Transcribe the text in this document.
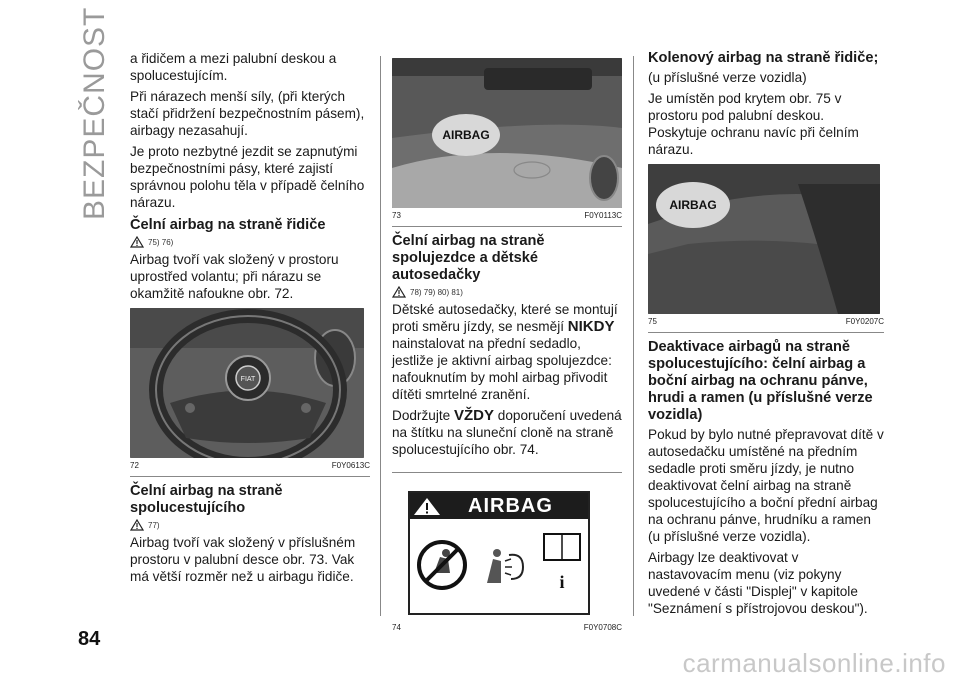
BEZPEČNOST a řidičem a mezi palubní deskou a spolucestujícím.

Při nárazech menší síly, (při kterých stačí přidržení bezpečnostním pásem), airbagy nezasahují.

Je proto nezbytné jezdit se zapnutými bezpečnostními pásy, které zajistí správnou polohu těla v případě čelního nárazu.

Čelní airbag na straně řidiče
75) 76)

Airbag tvoří vak složený v prostoru uprostřed volantu; při nárazu se okamžitě nafoukne obr. 72.

FIAT
72	F0Y0613C
Čelní airbag na straně spolucestujícího
77)

Airbag tvoří vak složený v příslušném prostoru v palubní desce obr. 73. Vak má větší rozměr než u airbagu řidiče.

AIRBAG
73	F0Y0113C
Čelní airbag na straně spolujezdce a dětské autosedačky
78) 79) 80) 81)

Dětské autosedačky, které se montují proti směru jízdy, se nesmějí NIKDY nainstalovat na přední sedadlo, jestliže je aktivní airbag spolujezdce: nafouknutím by mohl airbag přivodit dítěti smrtelné zranění.

Dodržujte VŽDY doporučení uvedená na štítku na sluneční cloně na straně spolucestujícího obr. 74.

AIRBAG
i
74	F0Y0708C
Kolenový airbag na straně řidiče;

(u příslušné verze vozidla)

Je umístěn pod krytem obr. 75 v prostoru pod palubní deskou. Poskytuje ochranu navíc při čelním nárazu.

AIRBAG
75	F0Y0207C
Deaktivace airbagů na straně spolucestujícího: čelní airbag a boční airbag na ochranu pánve, hrudi a ramen (u příslušné verze vozidla)

Pokud by bylo nutné přepravovat dítě v autosedačku umístěné na předním sedadle proti směru jízdy, je nutno deaktivovat čelní airbag na straně spolucestujícího a boční přední airbag na ochranu pánve, hrudníku a ramen (u příslušné verze vozidla).

Airbagy lze deaktivovat v nastavovacím menu (viz pokyny uvedené v části "Displej" v kapitole "Seznámení s přístrojovou deskou").

84
carmanualsonline.info
